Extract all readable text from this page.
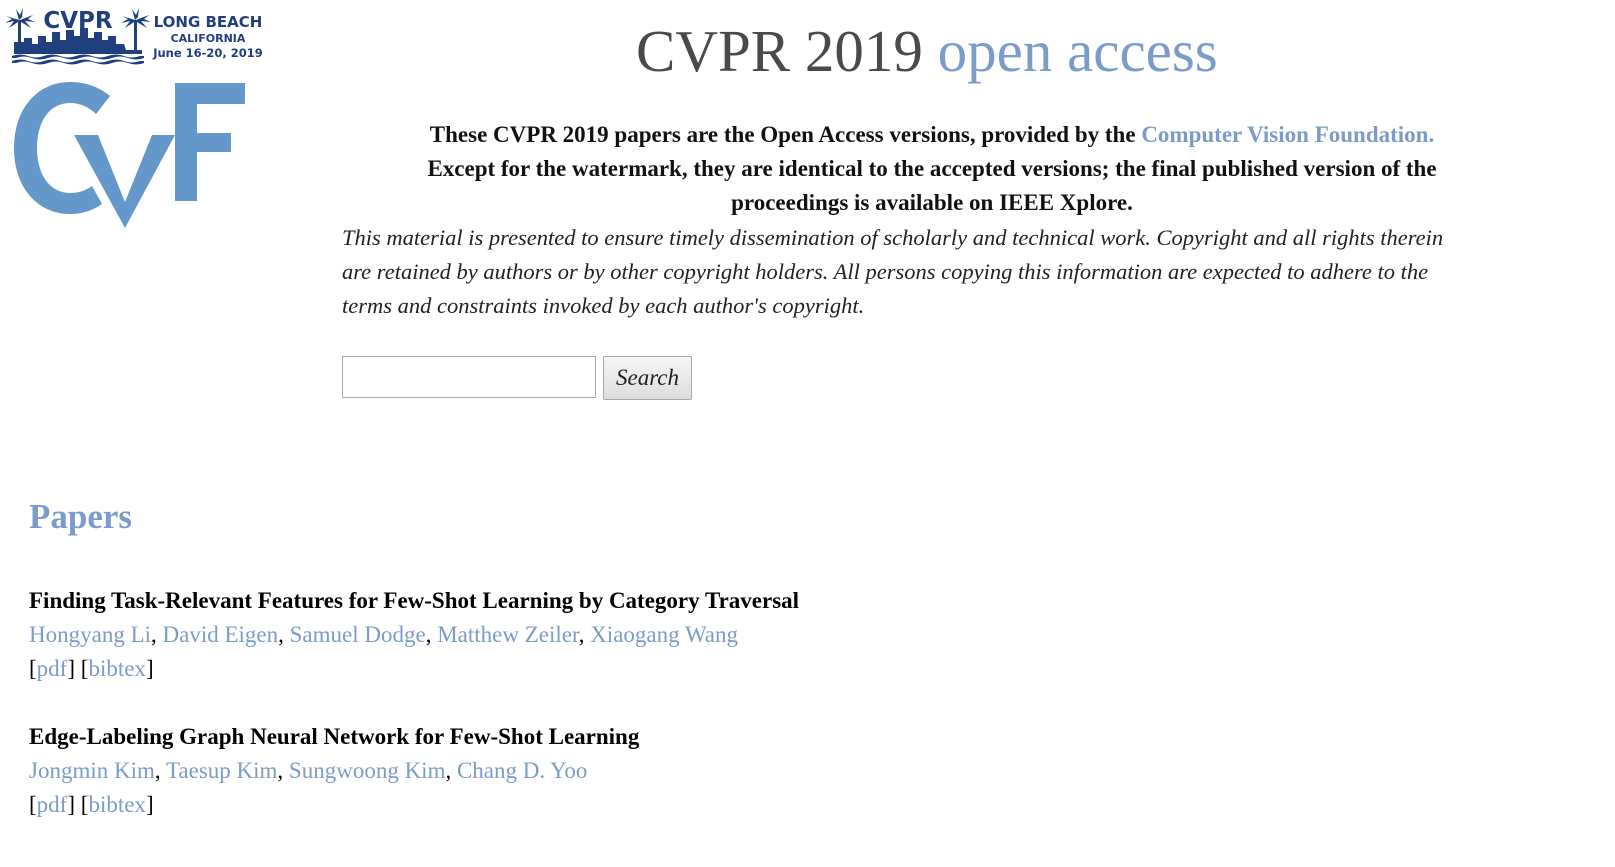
CVPR	LONG BEACH
CALIFORNIA
June 16-20, 2019	CVPR 2019 open access
These CVPR 2019 papers are the Open Access versions, provided by the Computer Vision Foundation.
Except for the watermark, they are identical to the accepted versions; the final published version of the
proceedings is available on IEEE Xplore.
This material is presented to ensure timely dissemination of scholarly and technical work. Copyright and all rights therein
are retained by authors or by other copyright holders. All persons copying this information are expected to adhere to the
terms and constraints invoked by each author's copyright.
Search
Papers
Finding Task-Relevant Features for Few-Shot Learning by Category Traversal
Hongyang Li, David Eigen, Samuel Dodge, Matthew Zeiler, Xiaogang Wang
[pdf] [bibtex]
Edge-Labeling Graph Neural Network for Few-Shot Learning
Jongmin Kim, Taesup Kim, Sungwoong Kim, Chang D. Yoo
[pdf] [bibtex]
